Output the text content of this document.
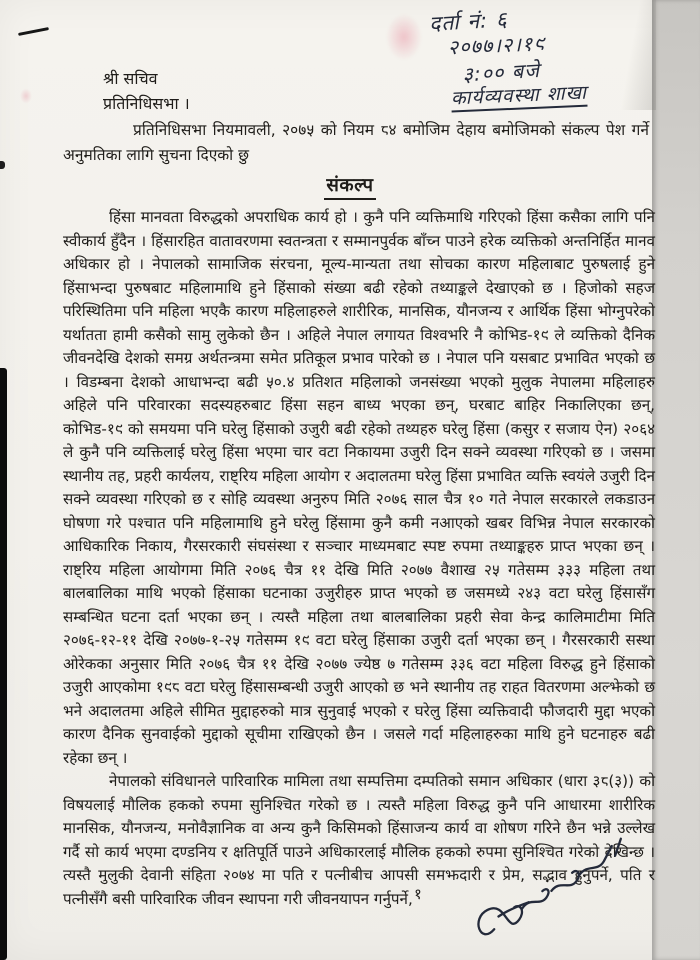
दर्ता नं: ६
२०७७।२।१९
३:०० बजे
कार्यव्यवस्था शाखा
श्री सचिव
प्रतिनिधिसभा ।
प्रतिनिधिसभा नियमावली, २०७५ को नियम ८४ बमोजिम देहाय बमोजिमको संकल्प पेश गर्ने अनुमतिका लागि सुचना दिएको छु
संकल्प

हिंसा मानवता विरुद्धको अपराधिक कार्य हो । कुनै पनि व्यक्तिमाथि गरिएको हिंसा कसैका लागि पनि स्वीकार्य हुँदैन । हिंसारहित वातावरणमा स्वतन्त्रता र सम्मानपुर्वक बाँच्न पाउने हरेक व्यक्तिको अन्तनिर्हित मानव अधिकार हो । नेपालको सामाजिक संरचना, मूल्य-मान्यता तथा सोचका कारण महिलाबाट पुरुषलाई हुने हिंसाभन्दा पुरुषबाट महिलामाथि हुने हिंसाको संख्या बढी रहेको तथ्याङ्कले देखाएको छ । हिजोको सहज परिस्थितिमा पनि महिला भएकै कारण महिलाहरुले शारीरिक, मानसिक, यौनजन्य र आर्थिक हिंसा भोग्नुपरेको यर्थातता हामी कसैको सामु लुकेको छैन । अहिले नेपाल लगायत विश्वभरि नै कोभिड-१९ ले व्यक्तिको दैनिक जीवनदेखि देशको समग्र अर्थतन्त्रमा समेत प्रतिकूल प्रभाव पारेको छ । नेपाल पनि यसबाट प्रभावित भएको छ । विडम्बना देशको आधाभन्दा बढी ५०.४ प्रतिशत महिलाको जनसंख्या भएको मुलुक नेपालमा महिलाहरु अहिले पनि परिवारका सदस्यहरुबाट हिंसा सहन बाध्य भएका छन्, घरबाट बाहिर निकालिएका छन्, कोभिड-१९ को समयमा पनि घरेलु हिंसाको उजुरी बढी रहेको तथ्यहरु घरेलु हिंसा (कसुर र सजाय ऐन) २०६४ ले कुनै पनि व्यक्तिलाई घरेलु हिंसा भएमा चार वटा निकायमा उजुरी दिन सक्ने व्यवस्था गरिएको छ । जसमा स्थानीय तह, प्रहरी कार्यलय, राष्ट्रिय महिला आयोग र अदालतमा घरेलु हिंसा प्रभावित व्यक्ति स्वयंले उजुरी दिन सक्ने व्यवस्था गरिएको छ र सोहि व्यवस्था अनुरुप मिति २०७६ साल चैत्र १० गते नेपाल सरकारले लकडाउन घोषणा गरे पश्चात पनि महिलामाथि हुने घरेलु हिंसामा कुनै कमी नआएको खबर विभिन्न नेपाल सरकारको आधिकारिक निकाय, गैरसरकारी संघसंस्था र सञ्चार माध्यमबाट स्पष्ट रुपमा तथ्याङ्कहरु प्राप्त भएका छन् । राष्ट्रिय महिला आयोगमा मिति २०७६ चैत्र ११ देखि मिति २०७७ वैशाख २५ गतेसम्म ३३३ महिला तथा बालबालिका माथि भएको हिंसाका घटनाका उजुरीहरु प्राप्त भएको छ जसमध्ये २४३ वटा घरेलु हिंसासँग सम्बन्धित घटना दर्ता भएका छन् । त्यस्तै महिला तथा बालबालिका प्रहरी सेवा केन्द्र कालिमाटीमा मिति २०७६-१२-११ देखि २०७७-१-२५ गतेसम्म १९ वटा घरेलु हिंसाका उजुरी दर्ता भएका छन् । गैरसरकारी सस्था ओरेकका अनुसार मिति २०७६ चैत्र ११ देखि २०७७ ज्येष्ठ ७ गतेसम्म ३३६ वटा महिला विरुद्ध हुने हिंसाको उजुरी आएकोमा १९८ वटा घरेलु हिंसासम्बन्धी उजुरी आएको छ भने स्थानीय तह राहत वितरणमा अल्झेको छ भने अदालतमा अहिले सीमित मुद्दाहरुको मात्र सुनुवाई भएको र घरेलु हिंसा व्यक्तिवादी फौजदारी मुद्दा भएको कारण दैनिक सुनवाईको मुद्दाको सूचीमा राखिएको छैन । जसले गर्दा महिलाहरुका माथि हुने घटनाहरु बढी रहेका छन् ।

नेपालको संविधानले पारिवारिक मामिला तथा सम्पत्तिमा दम्पतिको समान अधिकार (धारा ३८(३)) को विषयलाई मौलिक हकको रुपमा सुनिश्चित गरेको छ । त्यस्तै महिला विरुद्ध कुनै पनि आधारमा शारीरिक मानसिक, यौनजन्य, मनोवैज्ञानिक वा अन्य कुनै किसिमको हिंसाजन्य कार्य वा शोषण गरिने छैन भन्ने उल्लेख गर्दै सो कार्य भएमा दण्डनिय र क्षतिपूर्ति पाउने अधिकारलाई मौलिक हकको रुपमा सुनिश्चित गरेको देखिन्छ । त्यस्तै मुलुकी देवानी संहिता २०७४ मा पति र पत्नीबीच आपसी समझदारी र प्रेम, सद्भाव हुनुपर्ने, पति र पत्नीसँगै बसी पारिवारिक जीवन स्थापना गरी जीवनयापन गर्नुपर्ने, १
